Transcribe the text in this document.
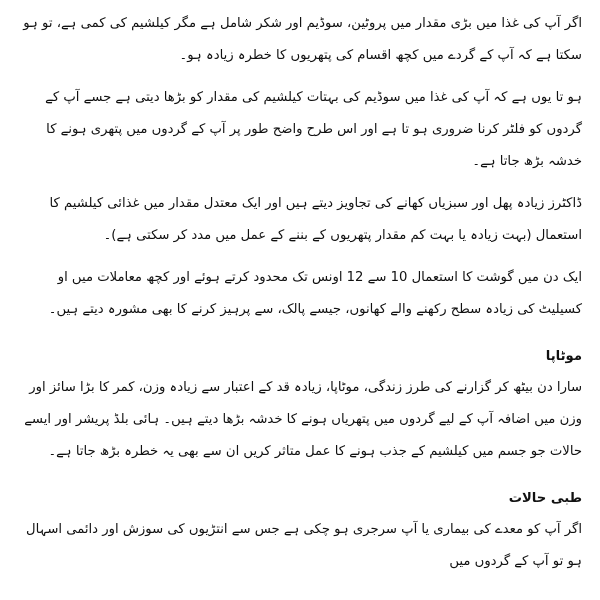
اگر آپ کی غذا میں بڑی مقدار میں پروٹین، سوڈیم اور شکر شامل ہے مگر کیلشیم کی کمی ہے، تو ہو سکتا ہے کہ آپ کے گردے میں کچھ اقسام کی پتھریوں کا خطرہ زیادہ ہو۔

ہو تا یوں ہے کہ آپ کی غذا میں سوڈیم کی بہتات کیلشیم کی مقدار کو بڑھا دیتی ہے جسے آپ کے گردوں کو فلٹر کرنا ضروری ہو تا ہے اور اس طرح واضح طور پر آپ کے گردوں میں پتھری ہونے کا خدشہ بڑھ جاتا ہے۔

ڈاکٹرز زیادہ پھل اور سبزیاں کھانے کی تجاویز دیتے ہیں اور ایک معتدل مقدار میں غذائی کیلشیم کا استعمال (بہت زیادہ یا بہت کم مقدار پتھریوں کے بننے کے عمل میں مدد کر سکتی ہے)۔

ایک دن میں گوشت کا استعمال 10 سے 12 اونس تک محدود کرتے ہوئے اور کچھ معاملات میں او کسیلیٹ کی زیادہ سطح رکھنے والے کھانوں، جیسے پالک، سے پرہیز کرنے کا بھی مشورہ دیتے ہیں۔

موٹاپا

سارا دن بیٹھ کر گزارنے کی طرز زندگی، موٹاپا، زیادہ قد کے اعتبار سے زیادہ وزن، کمر کا بڑا سائز اور وزن میں اضافہ آپ کے لیے گردوں میں پتھریاں ہونے کا خدشہ بڑھا دیتے ہیں۔ ہائی بلڈ پریشر اور ایسے حالات جو جسم میں کیلشیم کے جذب ہونے کا عمل متاثر کریں ان سے بھی یہ خطرہ بڑھ جاتا ہے۔

طبی حالات

اگر آپ کو معدے کی بیماری یا آپ سرجری ہو چکی ہے جس سے انتڑیوں کی سوزش اور دائمی اسہال ہو تو آپ کے گردوں میں
